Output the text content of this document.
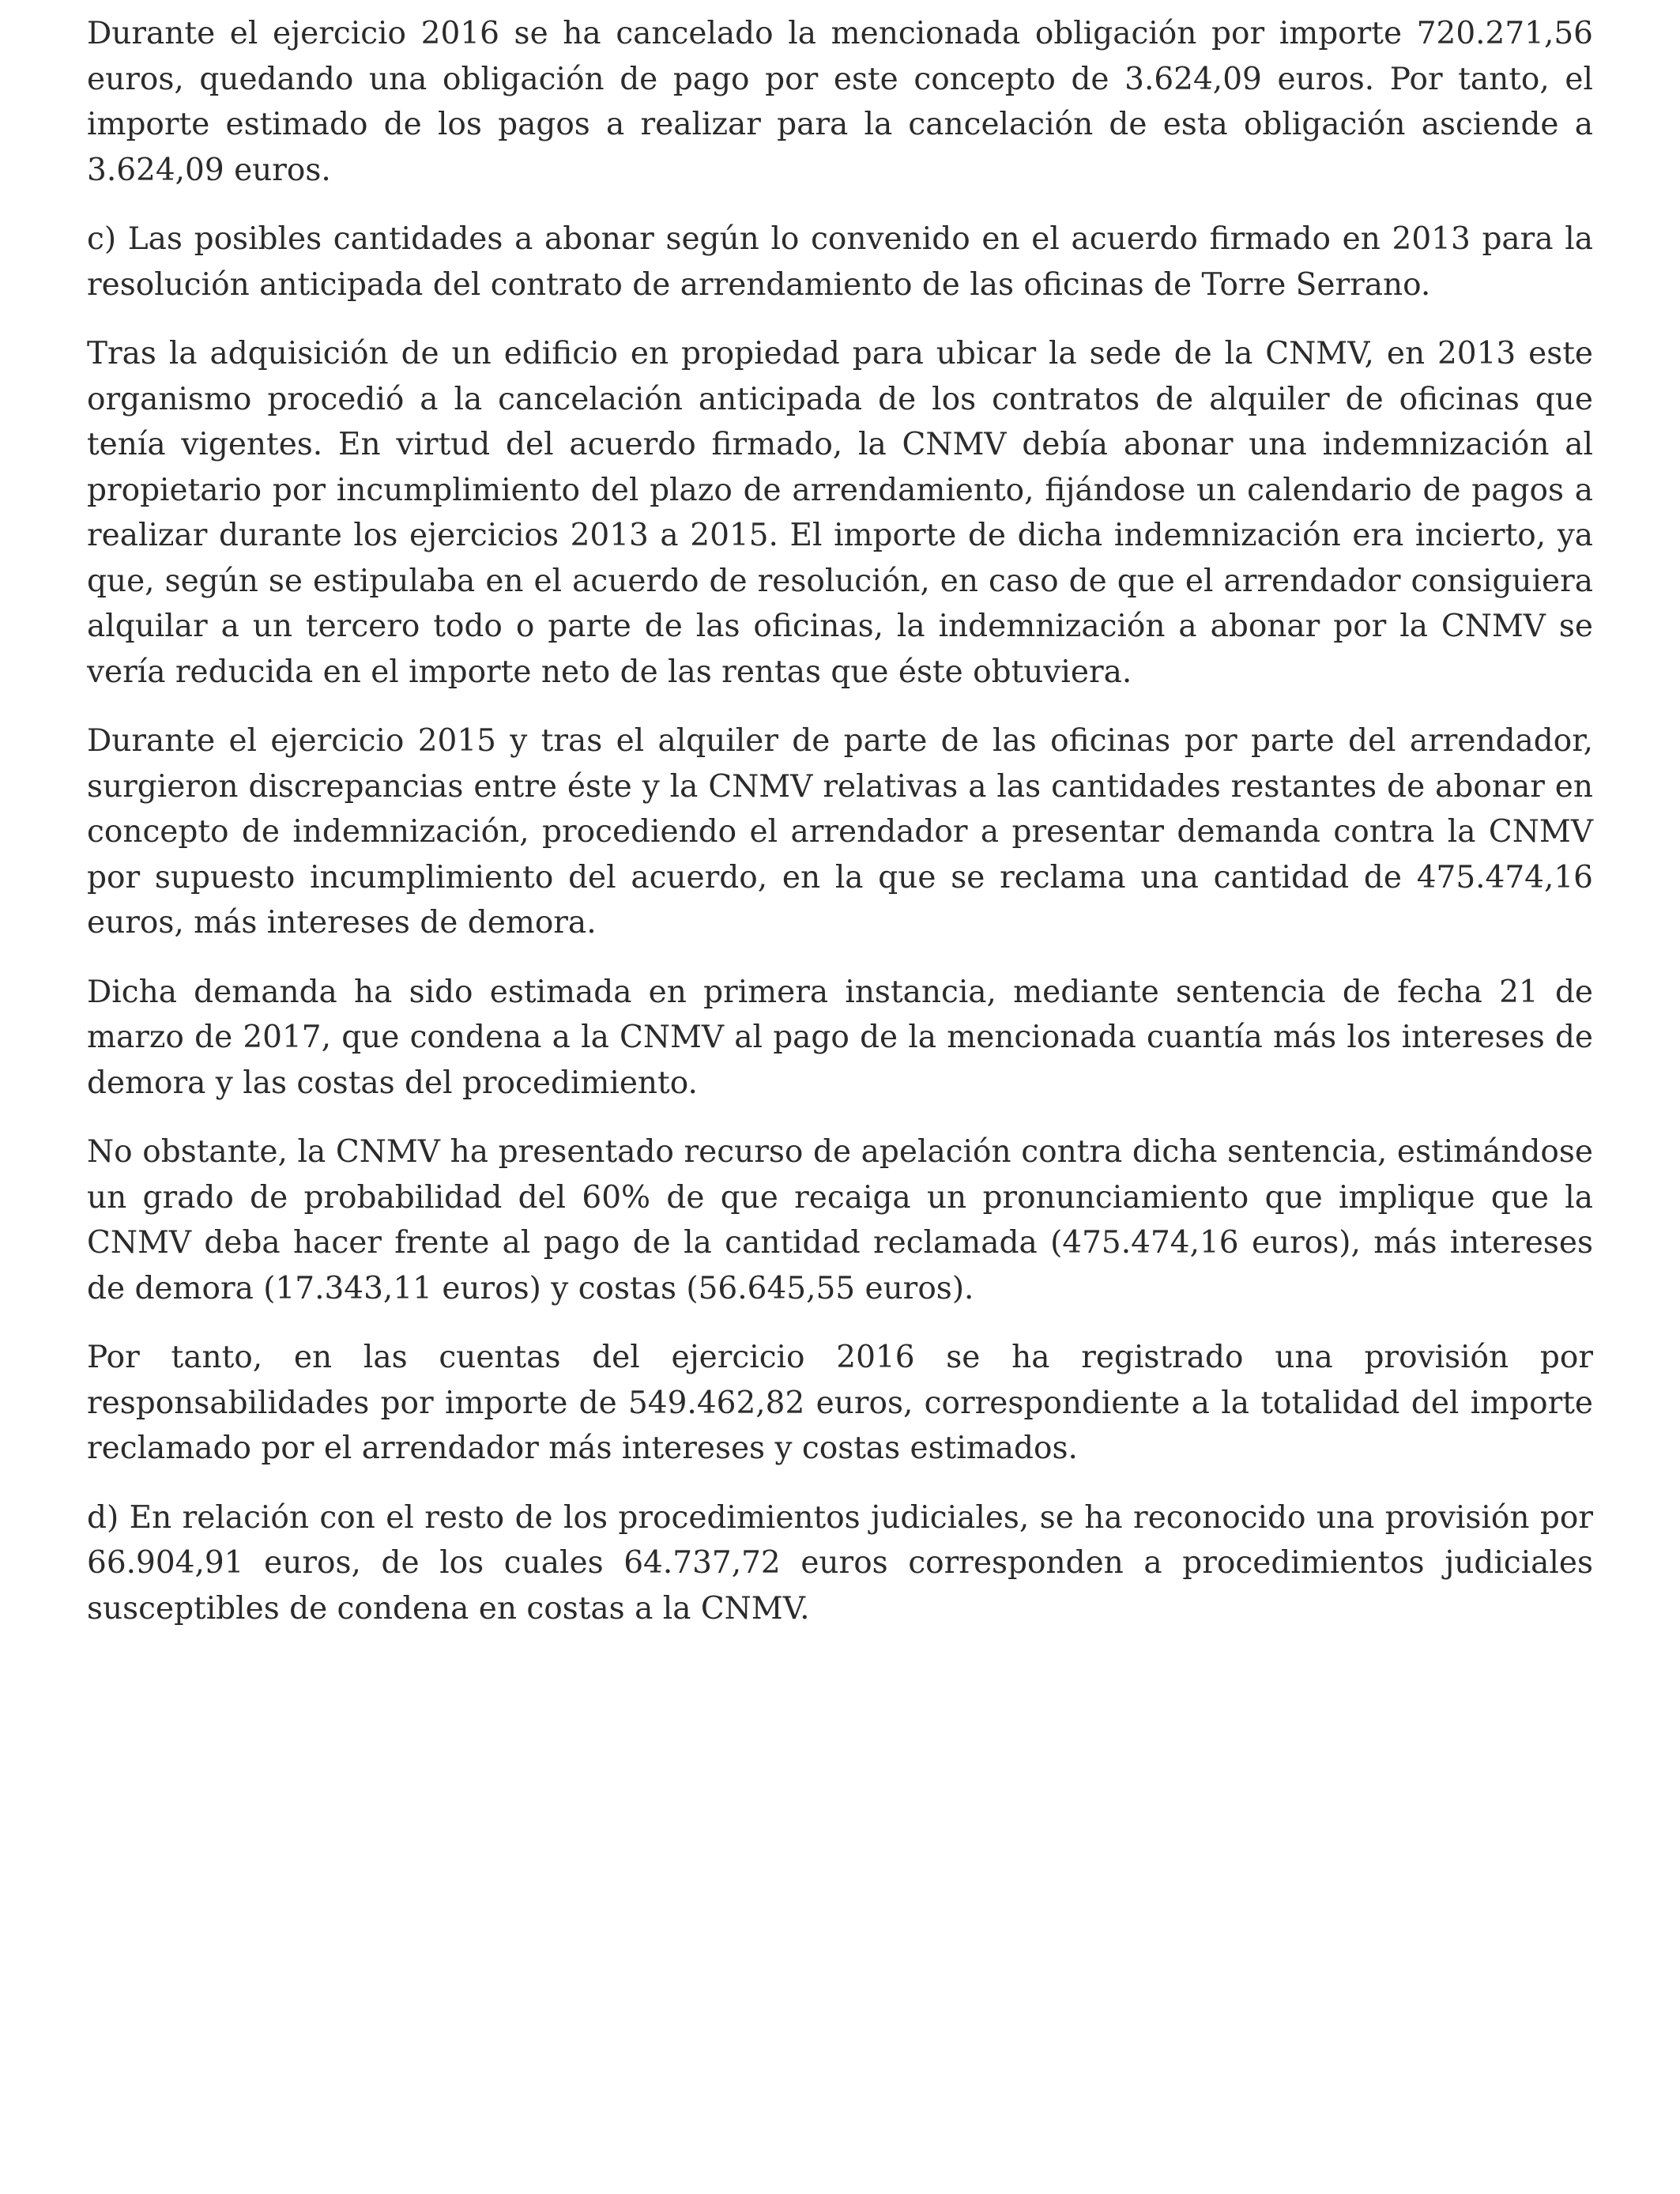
Durante el ejercicio 2016 se ha cancelado la mencionada obligación por importe 720.271,56 euros, quedando una obligación de pago por este concepto de 3.624,09 euros. Por tanto, el importe estimado de los pagos a realizar para la cancelación de esta obligación asciende a 3.624,09 euros.

c) Las posibles cantidades a abonar según lo convenido en el acuerdo firmado en 2013 para la resolución anticipada del contrato de arrendamiento de las oficinas de Torre Serrano.

Tras la adquisición de un edificio en propiedad para ubicar la sede de la CNMV, en 2013 este organismo procedió a la cancelación anticipada de los contratos de alquiler de oficinas que tenía vigentes. En virtud del acuerdo firmado, la CNMV debía abonar una indemnización al propietario por incumplimiento del plazo de arrendamiento, fijándose un calendario de pagos a realizar durante los ejercicios 2013 a 2015. El importe de dicha indemnización era incierto, ya que, según se estipulaba en el acuerdo de resolución, en caso de que el arrendador consiguiera alquilar a un tercero todo o parte de las oficinas, la indemnización a abonar por la CNMV se vería reducida en el importe neto de las rentas que éste obtuviera.

Durante el ejercicio 2015 y tras el alquiler de parte de las oficinas por parte del arrendador, surgieron discrepancias entre éste y la CNMV relativas a las cantidades restantes de abonar en concepto de indemnización, procediendo el arrendador a presentar demanda contra la CNMV por supuesto incumplimiento del acuerdo, en la que se reclama una cantidad de 475.474,16 euros, más intereses de demora.

Dicha demanda ha sido estimada en primera instancia, mediante sentencia de fecha 21 de marzo de 2017, que condena a la CNMV al pago de la mencionada cuantía más los intereses de demora y las costas del procedimiento.

No obstante, la CNMV ha presentado recurso de apelación contra dicha sentencia, estimándose un grado de probabilidad del 60% de que recaiga un pronunciamiento que implique que la CNMV deba hacer frente al pago de la cantidad reclamada (475.474,16 euros), más intereses de demora (17.343,11 euros) y costas (56.645,55 euros).

Por tanto, en las cuentas del ejercicio 2016 se ha registrado una provisión por responsabilidades por importe de 549.462,82 euros, correspondiente a la totalidad del importe reclamado por el arrendador más intereses y costas estimados.

d) En relación con el resto de los procedimientos judiciales, se ha reconocido una provisión por 66.904,91 euros, de los cuales 64.737,72 euros corresponden a procedimientos judiciales susceptibles de condena en costas a la CNMV.
